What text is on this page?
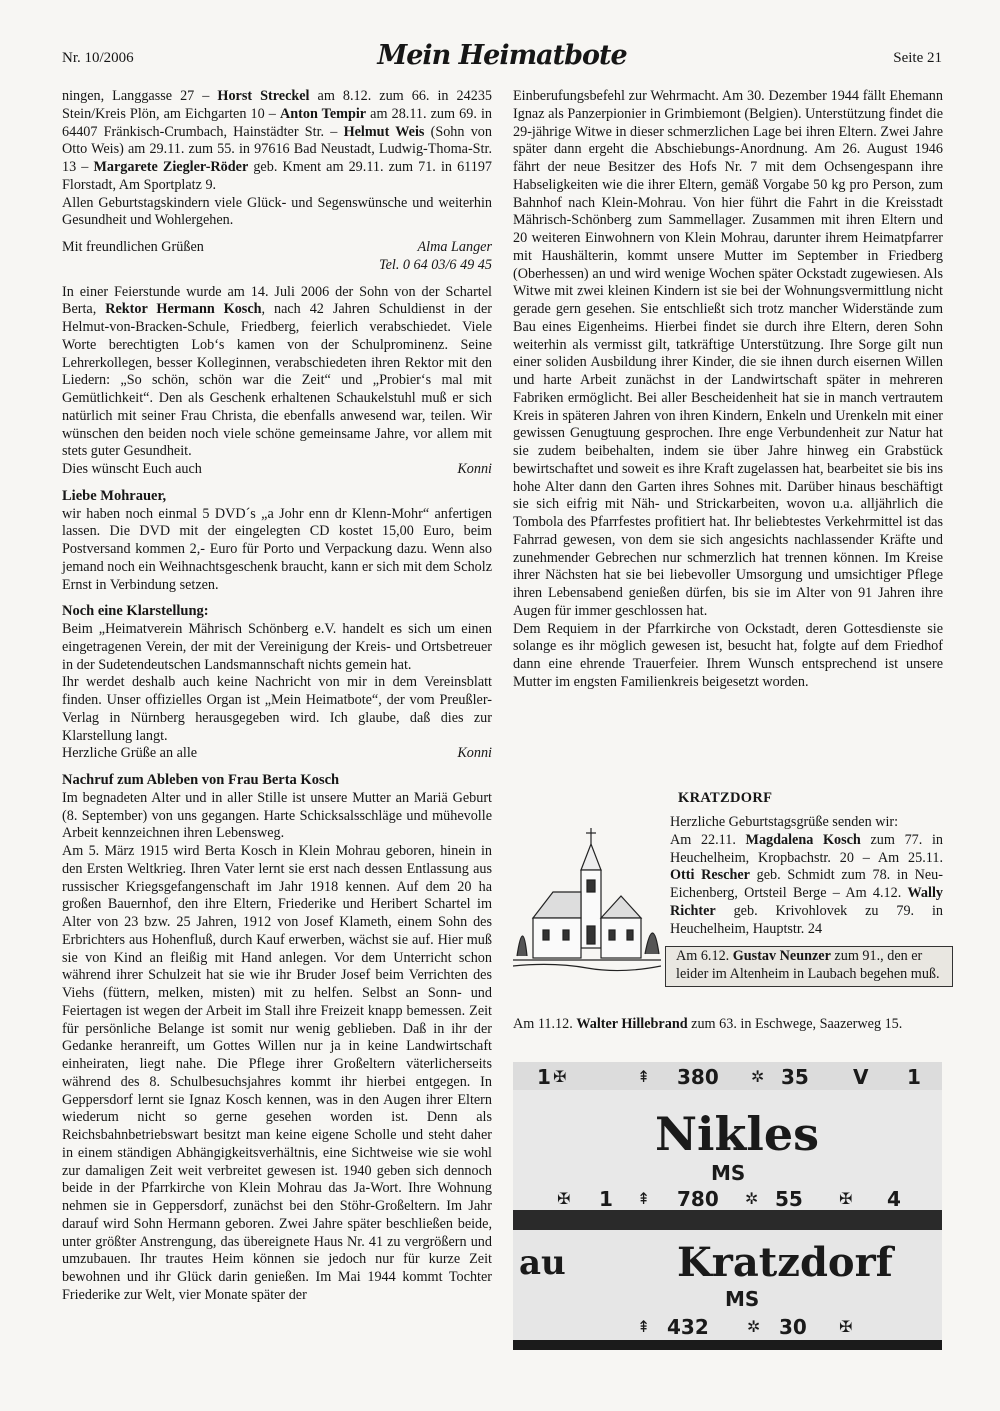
Nr. 10/2006	Mein Heimatbote	Seite 21

ningen, Langgasse 27 – Horst Streckel am 8.12. zum 66. in 24235 Stein/Kreis Plön, am Eichgarten 10 – Anton Tempir am 28.11. zum 69. in 64407 Fränkisch-Crumbach, Hainstädter Str. – Helmut Weis (Sohn von Otto Weis) am 29.11. zum 55. in 97616 Bad Neustadt, Ludwig-Thoma-Str. 13 – Margarete Ziegler-Röder geb. Kment am 29.11. zum 71. in 61197 Florstadt, Am Sportplatz 9.

Allen Geburtstagskindern viele Glück- und Segenswünsche und weiterhin Gesundheit und Wohlergehen.

Mit freundlichen Grüßen	Alma Langer

Tel. 0 64 03/6 49 45

In einer Feierstunde wurde am 14. Juli 2006 der Sohn von der Schartel Berta, Rektor Hermann Kosch, nach 42 Jahren Schuldienst in der Helmut-von-Bracken-Schule, Friedberg, feierlich verabschiedet. Viele Worte berechtigten Lob‘s kamen von der Schulprominenz. Seine Lehrerkollegen, besser Kolleginnen, verabschiedeten ihren Rektor mit den Liedern: „So schön, schön war die Zeit“ und „Probier‘s mal mit Gemütlichkeit“. Den als Geschenk erhaltenen Schaukelstuhl muß er sich natürlich mit seiner Frau Christa, die ebenfalls anwesend war, teilen. Wir wünschen den beiden noch viele schöne gemeinsame Jahre, vor allem mit stets guter Gesundheit.

Dies wünscht Euch auch	Konni
Liebe Mohrauer,

wir haben noch einmal 5 DVD´s „a Johr enn dr Klenn-Mohr“ anfertigen lassen. Die DVD mit der eingelegten CD kostet 15,00 Euro, beim Postversand kommen 2,- Euro für Porto und Verpackung dazu. Wenn also jemand noch ein Weihnachtsgeschenk braucht, kann er sich mit dem Scholz Ernst in Verbindung setzen.

Noch eine Klarstellung:

Beim „Heimatverein Mährisch Schönberg e.V. handelt es sich um einen eingetragenen Verein, der mit der Vereinigung der Kreis- und Ortsbetreuer in der Sudetendeutschen Landsmannschaft nichts gemein hat.

Ihr werdet deshalb auch keine Nachricht von mir in dem Vereinsblatt finden. Unser offizielles Organ ist „Mein Heimatbote“, der vom Preußler-Verlag in Nürnberg herausgegeben wird. Ich glaube, daß dies zur Klarstellung langt.

Herzliche Grüße an alle	Konni
Nachruf zum Ableben von Frau Berta Kosch

Im begnadeten Alter und in aller Stille ist unsere Mutter an Mariä Geburt (8. September) von uns gegangen. Harte Schicksalsschläge und mühevolle Arbeit kennzeichnen ihren Lebensweg.

Am 5. März 1915 wird Berta Kosch in Klein Mohrau geboren, hinein in den Ersten Weltkrieg. Ihren Vater lernt sie erst nach dessen Entlassung aus russischer Kriegsgefangenschaft im Jahr 1918 kennen. Auf dem 20 ha großen Bauernhof, den ihre Eltern, Friederike und Heribert Schartel im Alter von 23 bzw. 25 Jahren, 1912 von Josef Klameth, einem Sohn des Erbrichters aus Hohenfluß, durch Kauf erwerben, wächst sie auf. Hier muß sie von Kind an fleißig mit Hand anlegen. Vor dem Unterricht schon während ihrer Schulzeit hat sie wie ihr Bruder Josef beim Verrichten des Viehs (füttern, melken, misten) mit zu helfen. Selbst an Sonn- und Feiertagen ist wegen der Arbeit im Stall ihre Freizeit knapp bemessen. Zeit für persönliche Belange ist somit nur wenig geblieben. Daß in ihr der Gedanke heranreift, um Gottes Willen nur ja in keine Landwirtschaft einheiraten, liegt nahe. Die Pflege ihrer Großeltern väterlicherseits während des 8. Schulbesuchsjahres kommt ihr hierbei entgegen. In Geppersdorf lernt sie Ignaz Kosch kennen, was in den Augen ihrer Eltern wiederum nicht so gerne gesehen worden ist. Denn als Reichsbahnbetriebswart besitzt man keine eigene Scholle und steht daher in einem ständigen Abhängigkeitsverhältnis, eine Sichtweise wie sie wohl zur damaligen Zeit weit verbreitet gewesen ist. 1940 geben sich dennoch beide in der Pfarrkirche von Klein Mohrau das Ja-Wort. Ihre Wohnung nehmen sie in Geppersdorf, zunächst bei den Stöhr-Großeltern. Im Jahr darauf wird Sohn Hermann geboren. Zwei Jahre später beschließen beide, unter größter Anstrengung, das übereignete Haus Nr. 41 zu vergrößern und umzubauen. Ihr trautes Heim können sie jedoch nur für kurze Zeit bewohnen und ihr Glück darin genießen. Im Mai 1944 kommt Tochter Friederike zur Welt, vier Monate später der

Einberufungsbefehl zur Wehrmacht. Am 30. Dezember 1944 fällt Ehemann Ignaz als Panzerpionier in Grimbiemont (Belgien). Unterstützung findet die 29-jährige Witwe in dieser schmerzlichen Lage bei ihren Eltern. Zwei Jahre später dann ergeht die Abschiebungs-Anordnung. Am 26. August 1946 fährt der neue Besitzer des Hofs Nr. 7 mit dem Ochsengespann ihre Habseligkeiten wie die ihrer Eltern, gemäß Vorgabe 50 kg pro Person, zum Bahnhof nach Klein-Mohrau. Von hier führt die Fahrt in die Kreisstadt Mährisch-Schönberg zum Sammellager. Zusammen mit ihren Eltern und 20 weiteren Einwohnern von Klein Mohrau, darunter ihrem Heimatpfarrer mit Haushälterin, kommt unsere Mutter im September in Friedberg (Oberhessen) an und wird wenige Wochen später Ockstadt zugewiesen. Als Witwe mit zwei kleinen Kindern ist sie bei der Wohnungsvermittlung nicht gerade gern gesehen. Sie entschließt sich trotz mancher Widerstände zum Bau eines Eigenheims. Hierbei findet sie durch ihre Eltern, deren Sohn weiterhin als vermisst gilt, tatkräftige Unterstützung. Ihre Sorge gilt nun einer soliden Ausbildung ihrer Kinder, die sie ihnen durch eisernen Willen und harte Arbeit zunächst in der Landwirtschaft später in mehreren Fabriken ermöglicht. Bei aller Bescheidenheit hat sie in manch vertrautem Kreis in späteren Jahren von ihren Kindern, Enkeln und Urenkeln mit einer gewissen Genugtuung gesprochen. Ihre enge Verbundenheit zur Natur hat sie zudem beibehalten, indem sie über Jahre hinweg ein Grabstück bewirtschaftet und soweit es ihre Kraft zugelassen hat, bearbeitet sie bis ins hohe Alter dann den Garten ihres Sohnes mit. Darüber hinaus beschäftigt sie sich eifrig mit Näh- und Strickarbeiten, wovon u.a. alljährlich die Tombola des Pfarrfestes profitiert hat. Ihr beliebtestes Verkehrmittel ist das Fahrrad gewesen, von dem sie sich angesichts nachlassender Kräfte und zunehmender Gebrechen nur schmerzlich hat trennen können. Im Kreise ihrer Nächsten hat sie bei liebevoller Umsorgung und umsichtiger Pflege ihren Lebensabend genießen dürfen, bis sie im Alter von 91 Jahren ihre Augen für immer geschlossen hat.

Dem Requiem in der Pfarrkirche von Ockstadt, deren Gottesdienste sie solange es ihr möglich gewesen ist, besucht hat, folgte auf dem Friedhof dann eine ehrende Trauerfeier. Ihrem Wunsch entsprechend ist unsere Mutter im engsten Familienkreis beigesetzt worden.

KRATZDORF

Herzliche Geburtstagsgrüße senden wir:

Am 22.11. Magdalena Kosch zum 77. in Heuchelheim, Kropbachstr. 20 – Am 25.11. Otti Rescher geb. Schmidt zum 78. in Neu-Eichenberg, Ortsteil Berge – Am 4.12. Wally Richter geb. Krivohlovek zu 79. in Heuchelheim, Hauptstr. 24

Am 6.12. Gustav Neunzer zum 91., den er leider im Altenheim in Laubach begehen muß.

Am 11.12. Walter Hillebrand zum 63. in Eschwege, Saazerweg 15.

1	380	35 V 1
Nikles
MS
1	780	55	4
au	Kratzdorf
MS
432	30
✠	⇞	✲
✠	⇞	✲	✠
⇞	✲	✠
